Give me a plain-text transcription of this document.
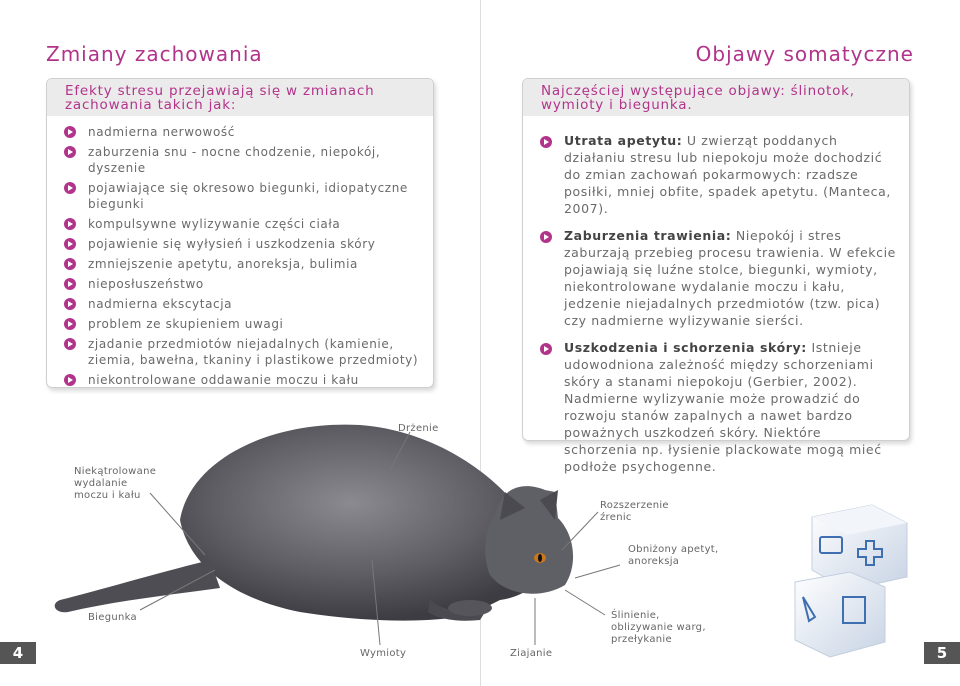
Zmiany zachowania	Objawy somatyczne
Efekty stresu przejawiają się w zmianach zachowania takich jak:
nadmierna nerwowość
zaburzenia snu - nocne chodzenie, niepokój, dyszenie
pojawiające się okresowo biegunki, idiopatyczne biegunki
kompulsywne wylizywanie części ciała
pojawienie się wyłysień i uszkodzenia skóry
zmniejszenie apetytu, anoreksja, bulimia
nieposłuszeństwo
nadmierna ekscytacja
problem ze skupieniem uwagi
zjadanie przedmiotów niejadalnych (kamienie, ziemia, bawełna, tkaniny i plastikowe przedmioty)
niekontrolowane oddawanie moczu i kału
Najczęściej występujące objawy: ślinotok, wymioty i biegunka.
Utrata apetytu: U zwierząt poddanych działaniu stresu lub niepokoju może dochodzić do zmian zachowań pokarmowych: rzadsze posiłki, mniej obfite, spadek apetytu. (Manteca, 2007).
Zaburzenia trawienia: Niepokój i stres zaburzają przebieg procesu trawienia. W efekcie pojawiają się luźne stolce, biegunki, wymioty, niekontrolowane wydalanie moczu i kału, jedzenie niejadalnych przedmiotów (tzw. pica) czy nadmierne wylizywanie sierści.
Uszkodzenia i schorzenia skóry: Istnieje udowodniona zależność między schorzeniami skóry a stanami niepokoju (Gerbier, 2002). Nadmierne wylizywanie może prowadzić do rozwoju stanów zapalnych a nawet bardzo poważnych uszkodzeń skóry. Niektóre schorzenia np. łysienie plackowate mogą mieć podłoże psychogenne.
Drżenie
Niekątrolowane wydalanie moczu i kału
Biegunka
Wymioty	Ziajanie
Ślinienie, oblizywanie warg, przełykanie
Obniżony apetyt, anoreksja
Rozszerzenie źrenic
4	5
